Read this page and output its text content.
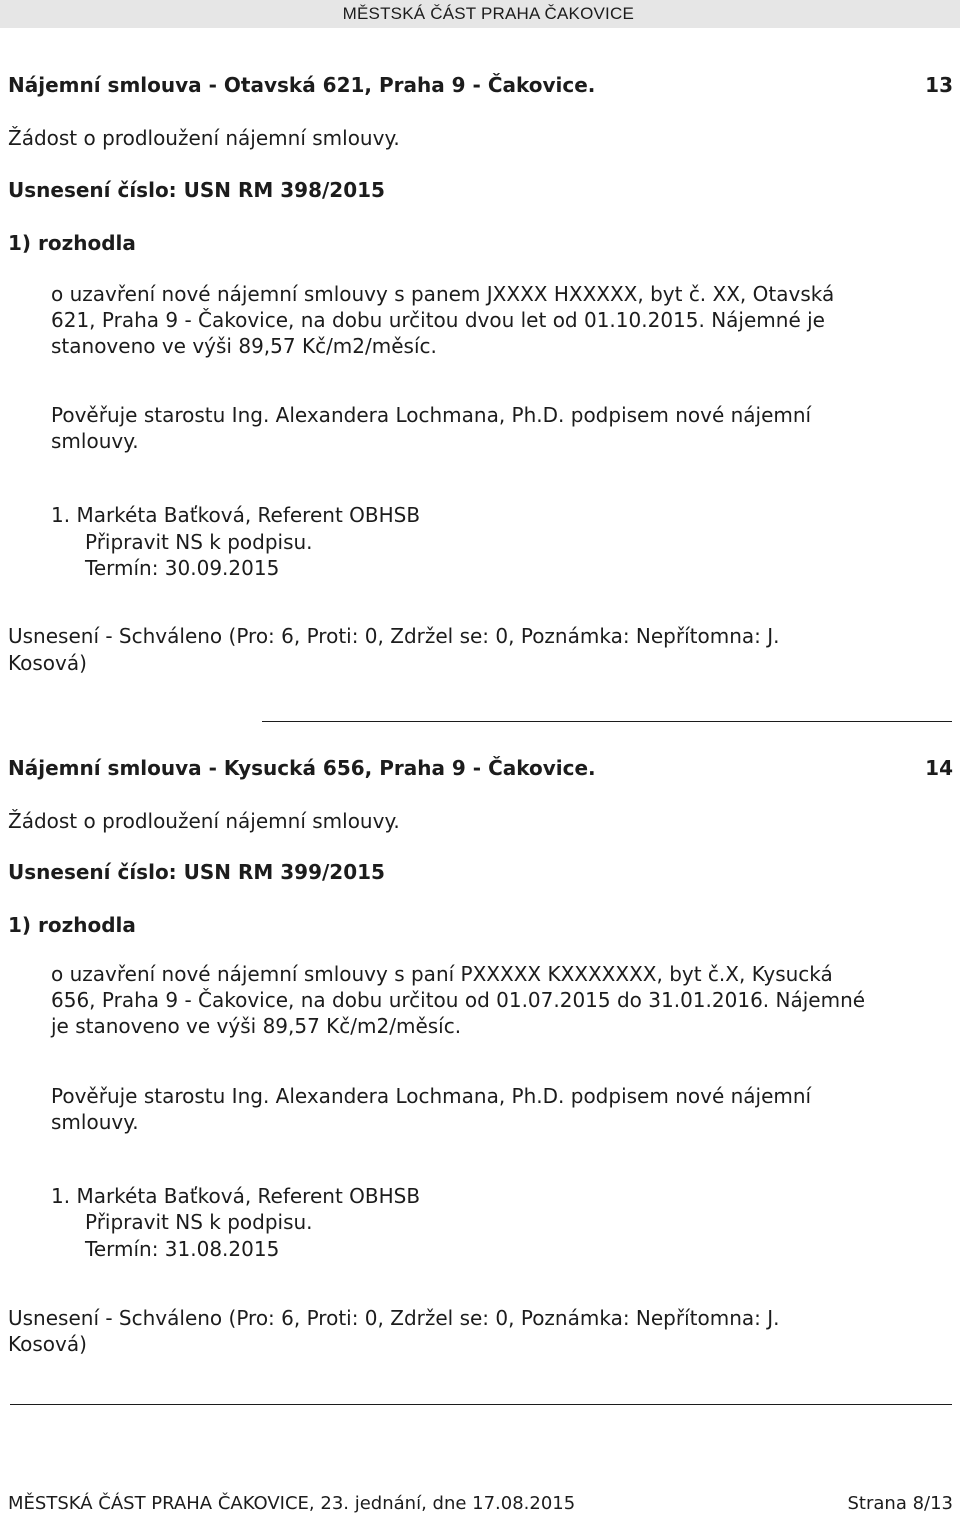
MĚSTSKÁ ČÁST PRAHA ČAKOVICE
Nájemní smlouva - Otavská 621, Praha 9 - Čakovice.	13
Žádost o prodloužení nájemní smlouvy.
Usnesení číslo: USN RM 398/2015
1) rozhodla
o uzavření nové nájemní smlouvy s panem JXXXX HXXXXX, byt č. XX, Otavská
621, Praha 9 - Čakovice, na dobu určitou dvou let od 01.10.2015. Nájemné je
stanoveno ve výši 89,57 Kč/m2/měsíc.
Pověřuje starostu Ing. Alexandera Lochmana, Ph.D. podpisem nové nájemní
smlouvy.
1. Markéta Baťková, Referent OBHSB
Připravit NS k podpisu.
Termín: 30.09.2015
Usnesení - Schváleno (Pro: 6, Proti: 0, Zdržel se: 0, Poznámka: Nepřítomna: J.
Kosová)
Nájemní smlouva - Kysucká 656, Praha 9 - Čakovice.	14
Žádost o prodloužení nájemní smlouvy.
Usnesení číslo: USN RM 399/2015
1) rozhodla
o uzavření nové nájemní smlouvy s paní PXXXXX KXXXXXXX, byt č.X, Kysucká
656, Praha 9 - Čakovice, na dobu určitou od 01.07.2015 do 31.01.2016. Nájemné
je stanoveno ve výši 89,57 Kč/m2/měsíc.
Pověřuje starostu Ing. Alexandera Lochmana, Ph.D. podpisem nové nájemní
smlouvy.
1. Markéta Baťková, Referent OBHSB
Připravit NS k podpisu.
Termín: 31.08.2015
Usnesení - Schváleno (Pro: 6, Proti: 0, Zdržel se: 0, Poznámka: Nepřítomna: J.
Kosová)
MĚSTSKÁ ČÁST PRAHA ČAKOVICE, 23. jednání, dne 17.08.2015	Strana 8/13
